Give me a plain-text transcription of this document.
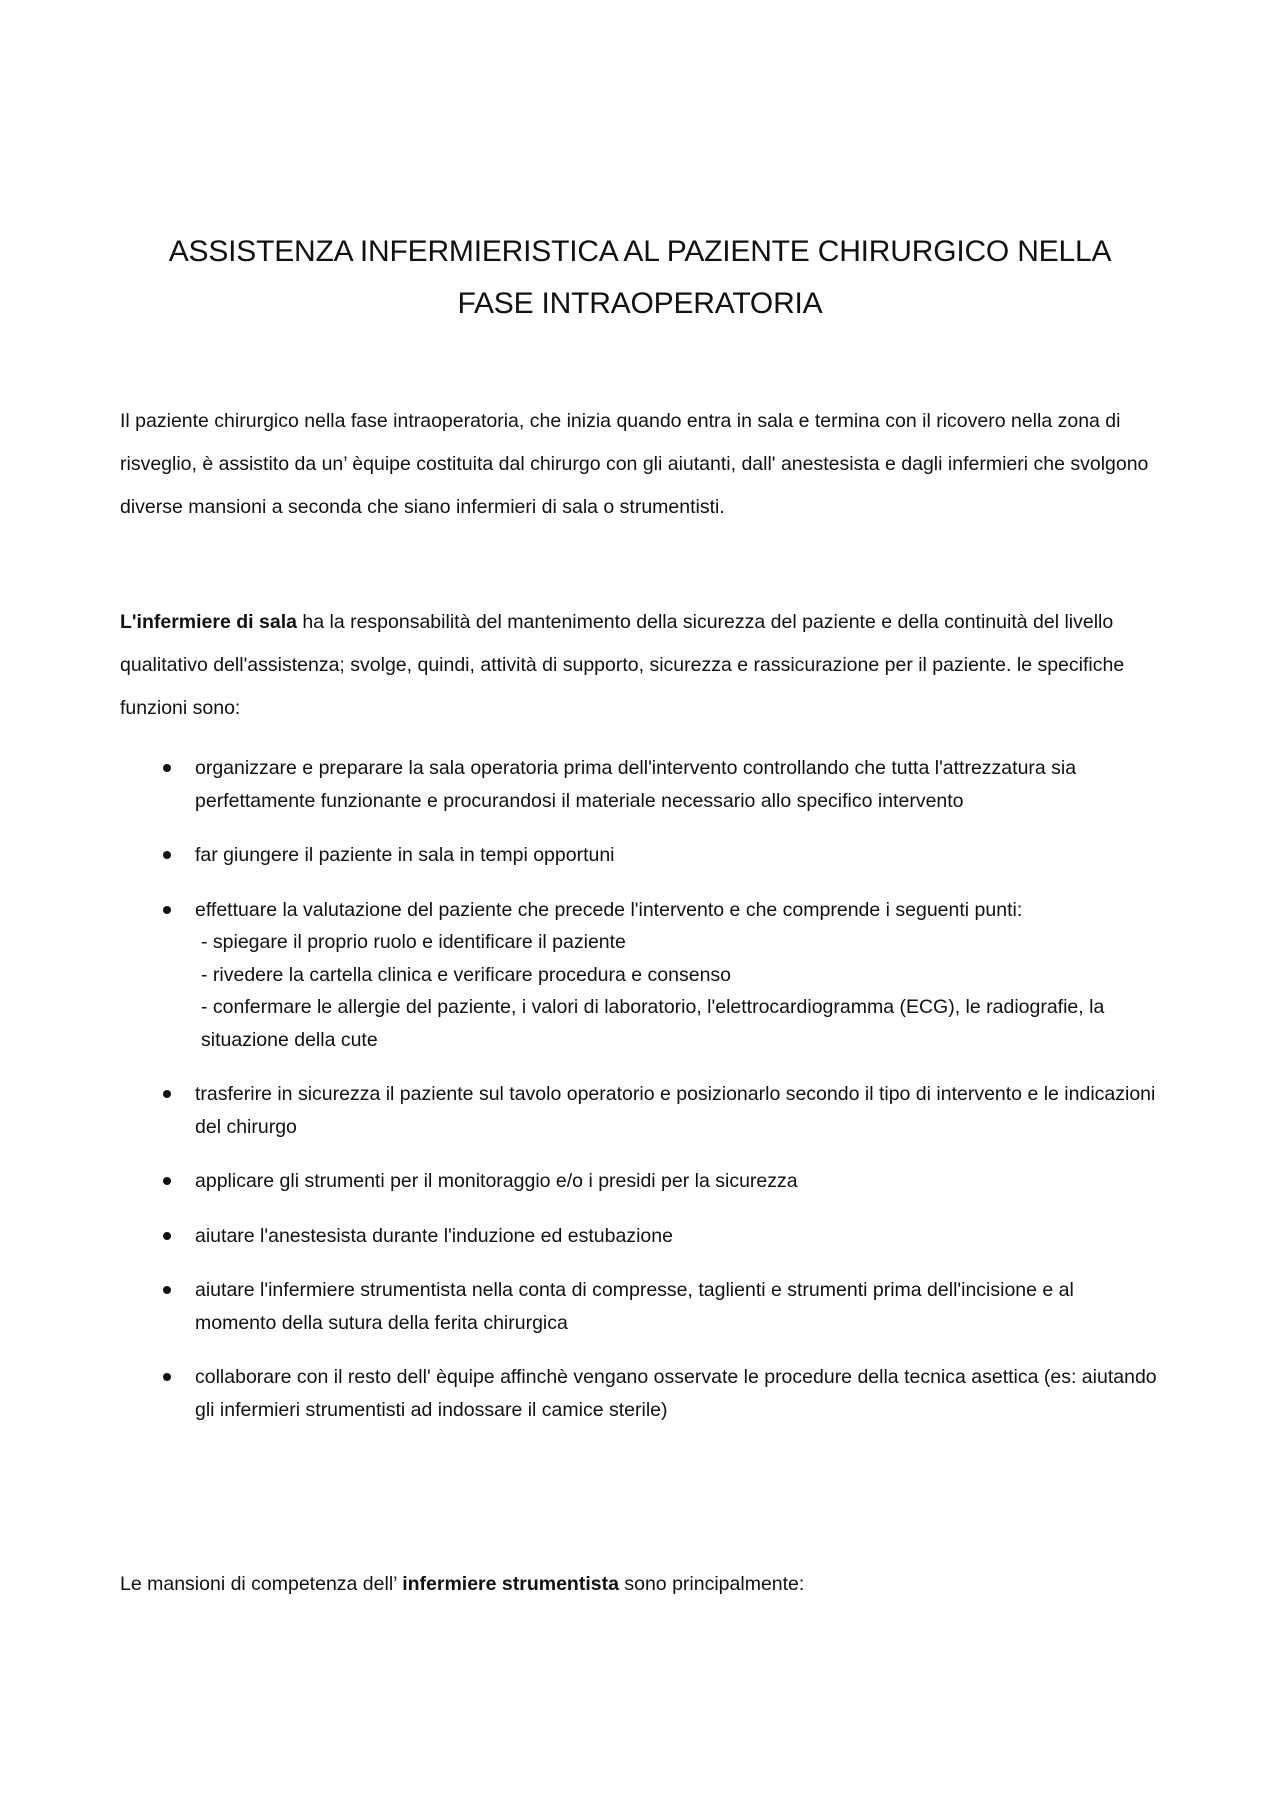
ASSISTENZA INFERMIERISTICA AL PAZIENTE CHIRURGICO NELLA
FASE INTRAOPERATORIA

Il paziente chirurgico nella fase intraoperatoria, che inizia quando entra in sala e termina con il ricovero nella zona di risveglio, è assistito da un’ èquipe costituita dal chirurgo con gli aiutanti, dall' anestesista e dagli infermieri che svolgono diverse mansioni a seconda che siano infermieri di sala o strumentisti.

L'infermiere di sala ha la responsabilità del mantenimento della sicurezza del paziente e della continuità del livello qualitativo dell'assistenza; svolge, quindi, attività di supporto, sicurezza e rassicurazione per il paziente. le specifiche funzioni sono:

organizzare e preparare la sala operatoria prima dell'intervento controllando che tutta l'attrezzatura sia perfettamente funzionante e procurandosi il materiale necessario allo specifico intervento
far giungere il paziente in sala in tempi opportuni
effettuare la valutazione del paziente che precede l'intervento e che comprende i seguenti punti:
- spiegare il proprio ruolo e identificare il paziente
- rivedere la cartella clinica e verificare procedura e consenso
- confermare le allergie del paziente, i valori di laboratorio, l'elettrocardiogramma (ECG), le radiografie, la situazione della cute
trasferire in sicurezza il paziente sul tavolo operatorio e posizionarlo secondo il tipo di intervento e le indicazioni del chirurgo
applicare gli strumenti per il monitoraggio e/o i presidi per la sicurezza
aiutare l'anestesista durante l'induzione ed estubazione
aiutare l'infermiere strumentista nella conta di compresse, taglienti e strumenti prima dell'incisione e al momento della sutura della ferita chirurgica
collaborare con il resto dell' èquipe affinchè vengano osservate le procedure della tecnica asettica (es: aiutando gli infermieri strumentisti ad indossare il camice sterile)

Le mansioni di competenza dell’ infermiere strumentista sono principalmente:
